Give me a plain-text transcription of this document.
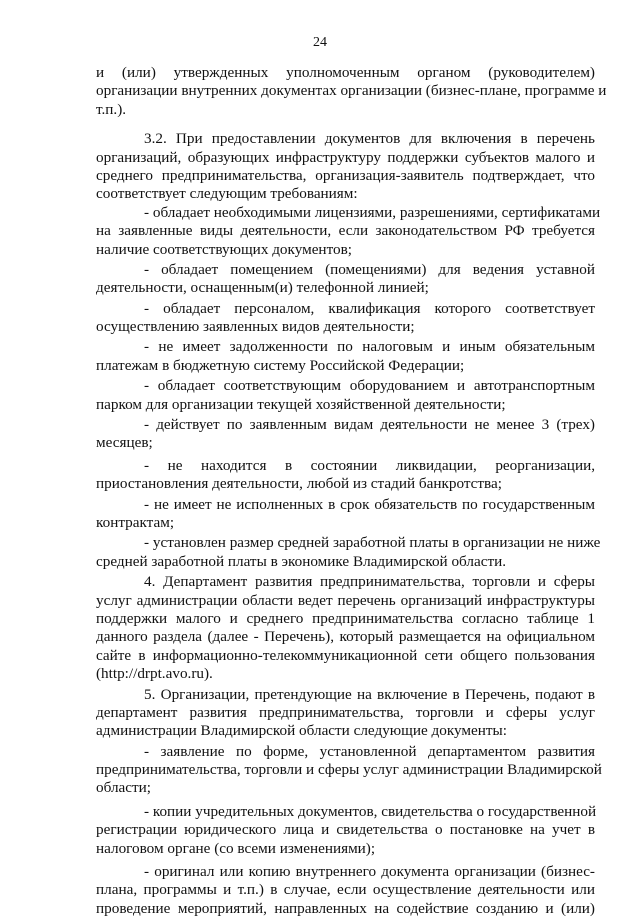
24
и (или) утвержденных уполномоченным органом (руководителем)
организации внутренних документах организации (бизнес-плане, программе и
т.п.).
3.2. При предоставлении документов для включения в перечень
организаций, образующих инфраструктуру поддержки субъектов малого и
среднего предпринимательства, организация-заявитель подтверждает, что
соответствует следующим требованиям:
- обладает необходимыми лицензиями, разрешениями, сертификатами
на заявленные виды деятельности, если законодательством РФ требуется
наличие соответствующих документов;
- обладает помещением (помещениями) для ведения уставной
деятельности, оснащенным(и) телефонной линией;
- обладает персоналом, квалификация которого соответствует
осуществлению заявленных видов деятельности;
- не имеет задолженности по налоговым и иным обязательным
платежам в бюджетную систему Российской Федерации;
- обладает соответствующим оборудованием и автотранспортным
парком для организации текущей хозяйственной деятельности;
- действует по заявленным видам деятельности не менее 3 (трех)
месяцев;
- не находится в состоянии ликвидации, реорганизации,
приостановления деятельности, любой из стадий банкротства;
- не имеет не исполненных в срок обязательств по государственным
контрактам;
- установлен размер средней заработной платы в организации не ниже
средней заработной платы в экономике Владимирской области.
4. Департамент развития предпринимательства, торговли и сферы
услуг администрации области ведет перечень организаций инфраструктуры
поддержки малого и среднего предпринимательства согласно таблице 1
данного раздела (далее - Перечень), который размещается на официальном
сайте в информационно-телекоммуникационной сети общего пользования
(http://drpt.avo.ru).
5. Организации, претендующие на включение в Перечень, подают в
департамент развития предпринимательства, торговли и сферы услуг
администрации Владимирской области следующие документы:
- заявление по форме, установленной департаментом развития
предпринимательства, торговли и сферы услуг администрации Владимирской
области;
- копии учредительных документов, свидетельства о государственной
регистрации юридического лица и свидетельства о постановке на учет в
налоговом органе (со всеми изменениями);
- оригинал или копию внутреннего документа организации (бизнес-
плана, программы и т.п.) в случае, если осуществление деятельности или
проведение мероприятий, направленных на содействие созданию и (или)
